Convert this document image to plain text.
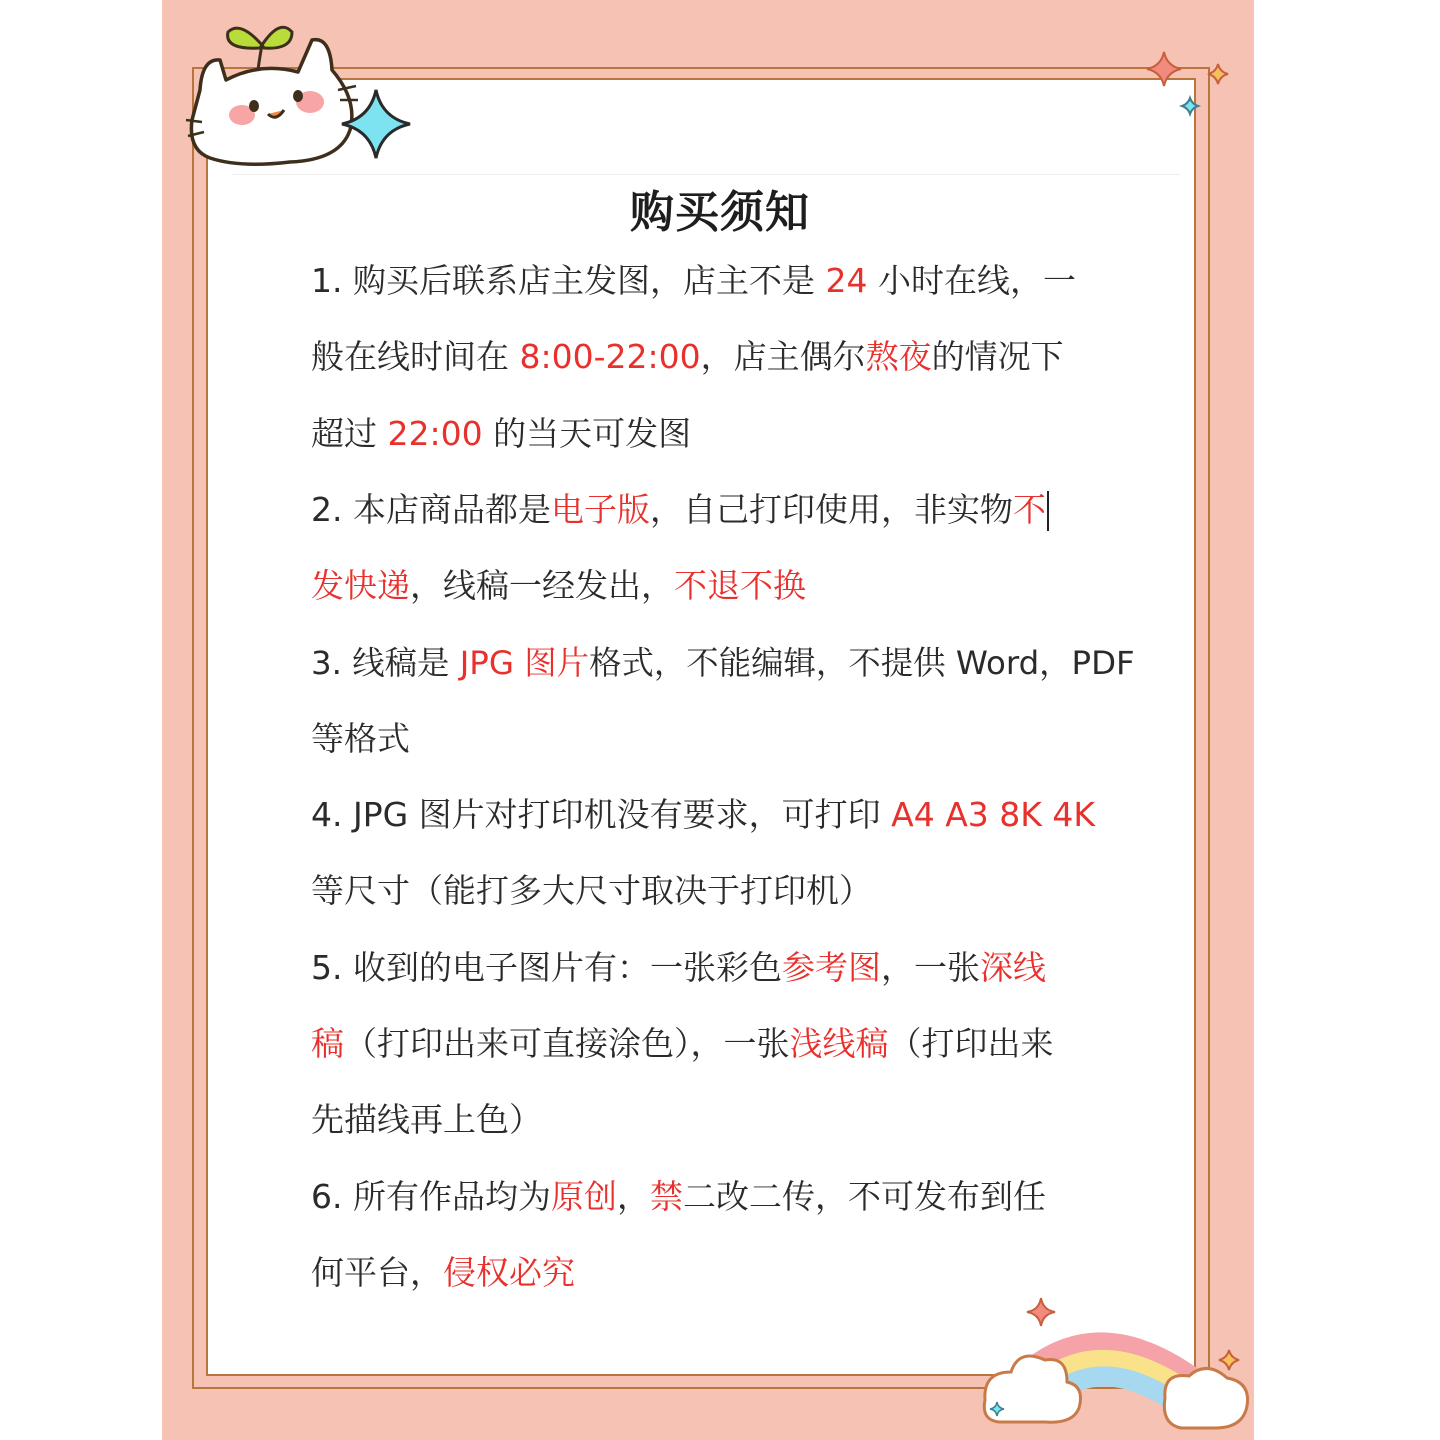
购买须知
1. 购买后联系店主发图，店主不是 24 小时在线，一
般在线时间在 8:00-22:00，店主偶尔熬夜的情况下
超过 22:00 的当天可发图
2. 本店商品都是电子版，自己打印使用，非实物不
发快递，线稿一经发出，不退不换
3. 线稿是 JPG 图片格式，不能编辑，不提供 Word，PDF
等格式
4. JPG 图片对打印机没有要求，可打印 A4 A3 8K 4K
等尺寸（能打多大尺寸取决于打印机）
5. 收到的电子图片有：一张彩色参考图，一张深线
稿（打印出来可直接涂色），一张浅线稿（打印出来
先描线再上色）
6. 所有作品均为原创，禁二改二传，不可发布到任
何平台，侵权必究
